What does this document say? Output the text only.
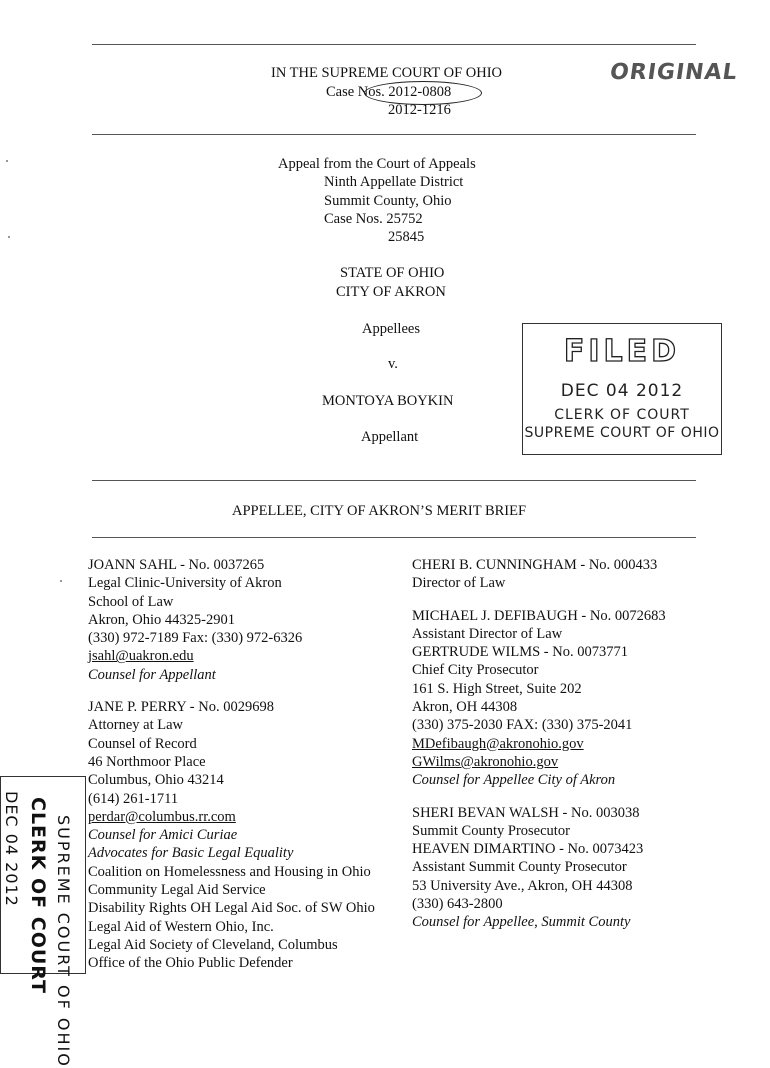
IN THE SUPREME COURT OF OHIO
Case Nos. 2012-0808
2012-1216
ORIGINAL
Appeal from the Court of Appeals
Ninth Appellate District
Summit County, Ohio
Case Nos. 25752
25845
STATE OF OHIO
CITY OF AKRON
Appellees
v.
MONTOYA BOYKIN
Appellant
FILED
DEC 04 2012
CLERK OF COURT
SUPREME COURT OF OHIO
APPELLEE, CITY OF AKRON’S MERIT BRIEF
JOANN SAHL - No. 0037265
Legal Clinic-University of Akron
School of Law
Akron, Ohio 44325-2901
(330) 972-7189 Fax: (330) 972-6326
jsahl@uakron.edu
Counsel for Appellant
JANE P. PERRY - No. 0029698
Attorney at Law
Counsel of Record
46 Northmoor Place
Columbus, Ohio 43214
(614) 261-1711
perdar@columbus.rr.com
Counsel for Amici Curiae
Advocates for Basic Legal Equality
Coalition on Homelessness and Housing in Ohio
Community Legal Aid Service
Disability Rights OH Legal Aid Soc. of SW Ohio
Legal Aid of Western Ohio, Inc.
Legal Aid Society of Cleveland, Columbus
Office of the Ohio Public Defender
CHERI B. CUNNINGHAM - No. 000433
Director of Law
MICHAEL J. DEFIBAUGH - No. 0072683
Assistant Director of Law
GERTRUDE WILMS - No. 0073771
Chief City Prosecutor
161 S. High Street, Suite 202
Akron, OH 44308
(330) 375-2030 FAX: (330) 375-2041
MDefibaugh@akronohio.gov
GWilms@akronohio.gov
Counsel for Appellee City of Akron
SHERI BEVAN WALSH - No. 003038
Summit County Prosecutor
HEAVEN DIMARTINO - No. 0073423
Assistant Summit County Prosecutor
53 University Ave., Akron, OH 44308
(330) 643-2800
Counsel for Appellee, Summit County
DEC 04 2012 CLERK OF COURT SUPREME COURT OF OHIO
